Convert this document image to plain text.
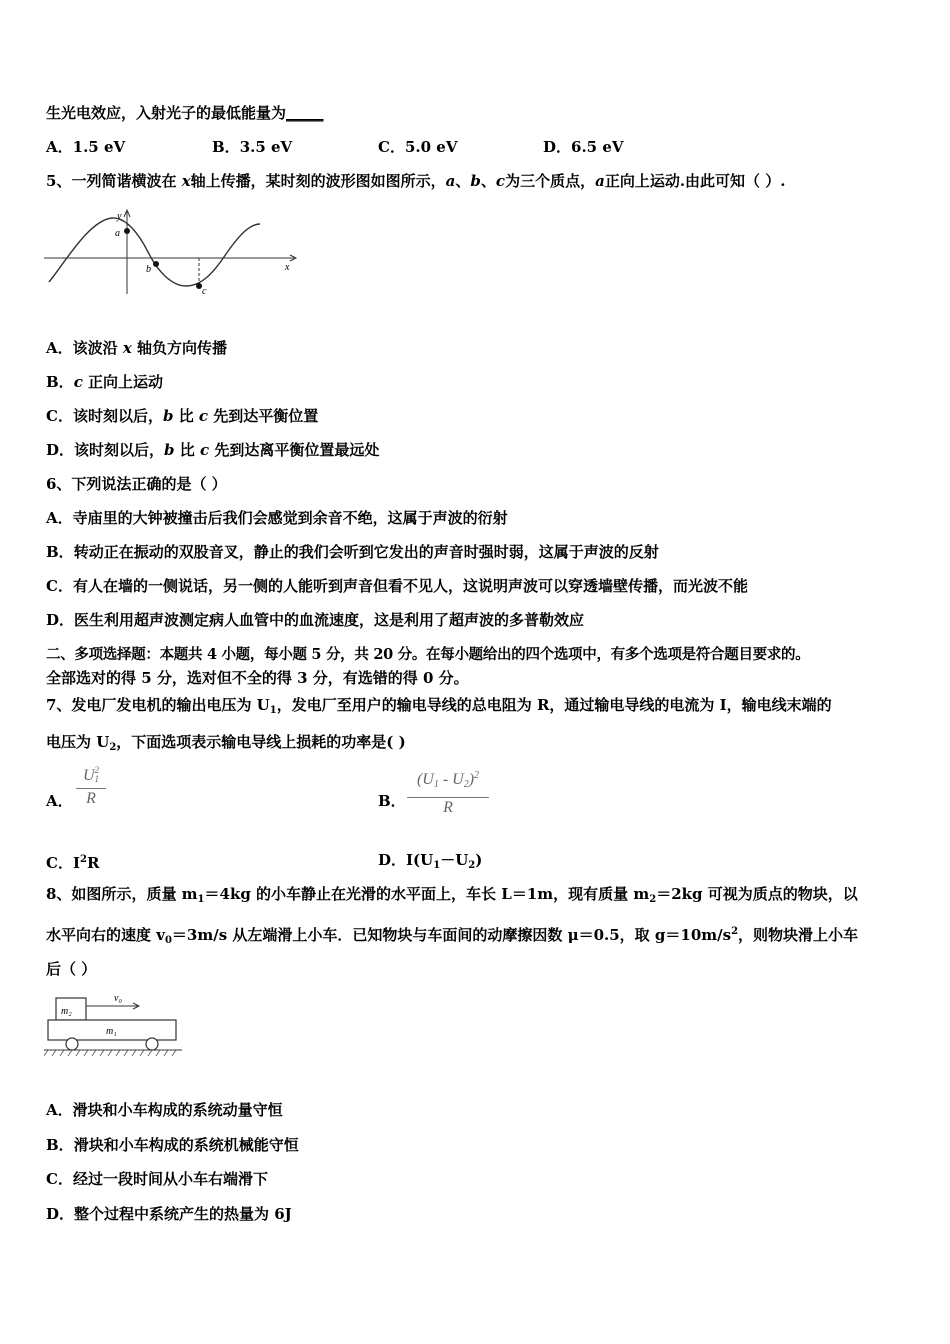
生光电效应，入射光子的最低能量为_____
A．1.5 eV	B．3.5 eV	C．5.0 eV	D．6.5 eV
5、一列简谐横波在 x轴上传播，某时刻的波形图如图所示，a、b、c为三个质点，a正向上运动.由此可知（ ）.
y
x
a
b
c
A．该波沿 x 轴负方向传播
B．c 正向上运动
C．该时刻以后，b 比 c 先到达平衡位置
D．该时刻以后，b 比 c 先到达离平衡位置最远处
6、下列说法正确的是（ ）
A．寺庙里的大钟被撞击后我们会感觉到余音不绝，这属于声波的衍射
B．转动正在振动的双股音叉，静止的我们会听到它发出的声音时强时弱，这属于声波的反射
C．有人在墙的一侧说话，另一侧的人能听到声音但看不见人，这说明声波可以穿透墙壁传播，而光波不能
D．医生利用超声波测定病人血管中的血流速度，这是利用了超声波的多普勒效应
二、多项选择题：本题共 4 小题，每小题 5 分，共 20 分。在每小题给出的四个选项中，有多个选项是符合题目要求的。
全部选对的得 5 分，选对但不全的得 3 分，有选错的得 0 分。
7、发电厂发电机的输出电压为 $U_1$，发电厂至用户的输电导线的总电阻为 R，通过输电导线的电流为 I，输电线末端的
电压为 $U_2$，下面选项表示输电导线上损耗的功率是( )
A．
U 2
1
R	B．
$(U_1 - U_2)^2$
R
C．$I^2R$	D．$I(U_1-U_2)$
8、如图所示，质量 $m_1=4kg$ 的小车静止在光滑的水平面上，车长 L＝1m，现有质量 $m_2=2kg$ 可视为质点的物块，以
水平向右的速度 $v_0=3m/s$ 从左端滑上小车．已知物块与车面间的动摩擦因数 μ＝0.5，取 $g=10m/s^2$，则物块滑上小车
后（ ）
m₂
v₀
m₁
A．滑块和小车构成的系统动量守恒
B．滑块和小车构成的系统机械能守恒
C．经过一段时间从小车右端滑下
D．整个过程中系统产生的热量为 6J
